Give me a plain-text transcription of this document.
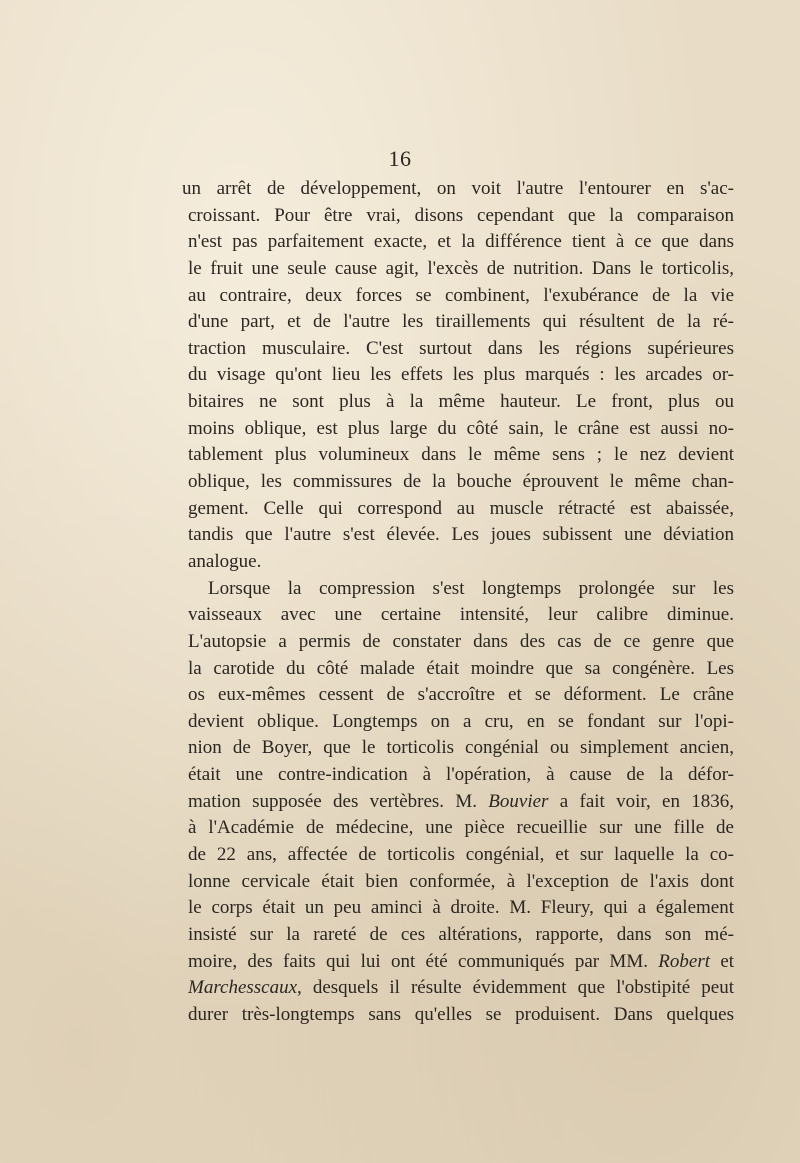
16
un arrêt de développement, on voit l'autre l'entourer en s'ac-
croissant. Pour être vrai, disons cependant que la comparaison
n'est pas parfaitement exacte, et la différence tient à ce que dans
le fruit une seule cause agit, l'excès de nutrition. Dans le torticolis,
au contraire, deux forces se combinent, l'exubérance de la vie
d'une part, et de l'autre les tiraillements qui résultent de la ré-
traction musculaire. C'est surtout dans les régions supérieures
du visage qu'ont lieu les effets les plus marqués : les arcades or-
bitaires ne sont plus à la même hauteur. Le front, plus ou
moins oblique, est plus large du côté sain, le crâne est aussi no-
tablement plus volumineux dans le même sens ; le nez devient
oblique, les commissures de la bouche éprouvent le même chan-
gement. Celle qui correspond au muscle rétracté est abaissée,
tandis que l'autre s'est élevée. Les joues subissent une déviation
analogue.
Lorsque la compression s'est longtemps prolongée sur les
vaisseaux avec une certaine intensité, leur calibre diminue.
L'autopsie a permis de constater dans des cas de ce genre que
la carotide du côté malade était moindre que sa congénère. Les
os eux-mêmes cessent de s'accroître et se déforment. Le crâne
devient oblique. Longtemps on a cru, en se fondant sur l'opi-
nion de Boyer, que le torticolis congénial ou simplement ancien,
était une contre-indication à l'opération, à cause de la défor-
mation supposée des vertèbres. M. Bouvier a fait voir, en 1836,
à l'Académie de médecine, une pièce recueillie sur une fille de
de 22 ans, affectée de torticolis congénial, et sur laquelle la co-
lonne cervicale était bien conformée, à l'exception de l'axis dont
le corps était un peu aminci à droite. M. Fleury, qui a également
insisté sur la rareté de ces altérations, rapporte, dans son mé-
moire, des faits qui lui ont été communiqués par MM. Robert et
Marchesscaux, desquels il résulte évidemment que l'obstipité peut
durer très-longtemps sans qu'elles se produisent. Dans quelques
